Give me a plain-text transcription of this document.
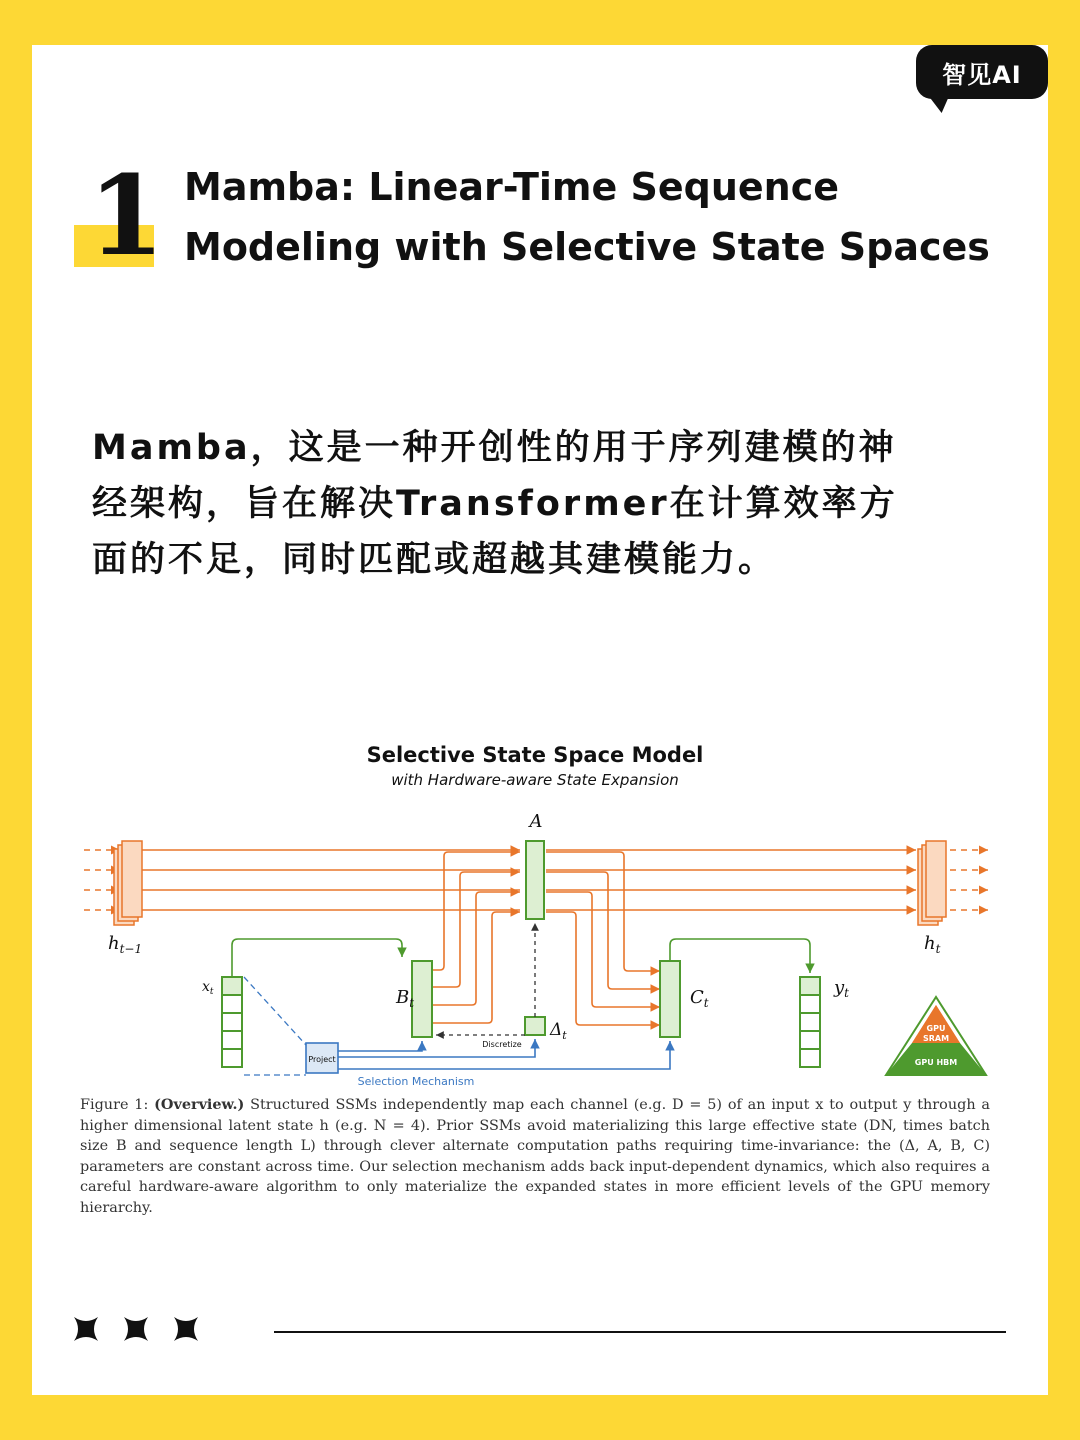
智见AI
1 Mamba: Linear-Time Sequence
Modeling with Selective State Spaces
Mamba，这是一种开创性的用于序列建模的神
经架构，旨在解决Transformer在计算效率方
面的不足，同时匹配或超越其建模能力。
Selective State Space Model
with Hardware-aware State Expansion
A
Project
Discretize
Selection Mechanism
$h_{t-1}$	$h_t$
$x_t$	$B_t$	$C_t$
$y_t$
$\Delta_t$
GPU
SRAM
GPU HBM
Figure 1: (Overview.) Structured SSMs independently map each channel (e.g. D = 5) of an input x to output y through a higher dimensional latent state h (e.g. N = 4). Prior SSMs avoid materializing this large effective state (DN, times batch size B and sequence length L) through clever alternate computation paths requiring time-invariance: the (Δ, A, B, C) parameters are constant across time. Our selection mechanism adds back input-dependent dynamics, which also requires a careful hardware-aware algorithm to only materialize the expanded states in more efficient levels of the GPU memory hierarchy.
